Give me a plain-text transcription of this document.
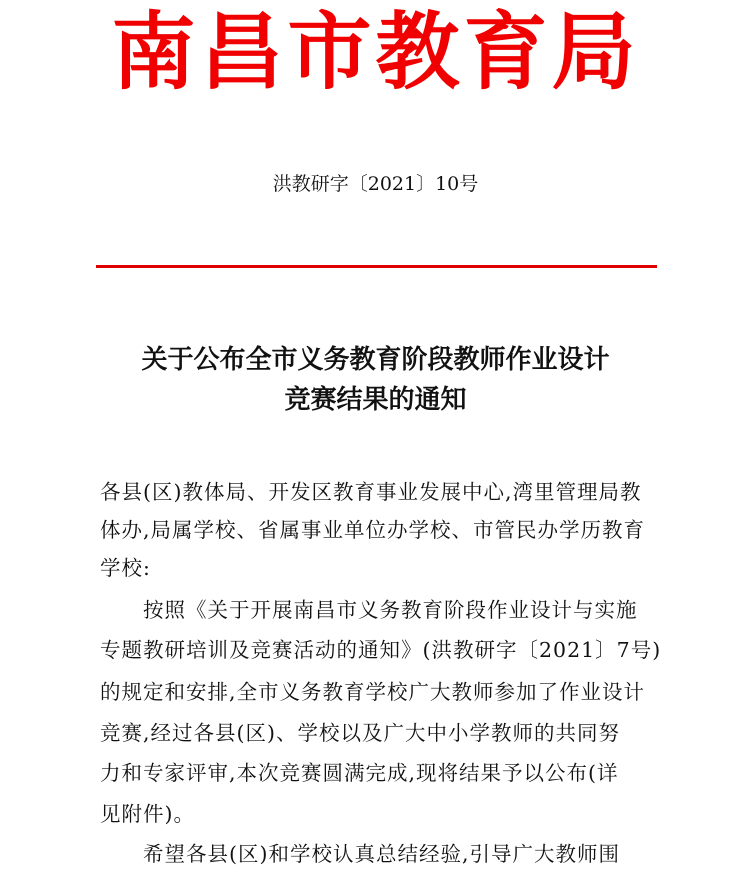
南昌市教育局
洪教研字〔2021〕10号
关于公布全市义务教育阶段教师作业设计
竞赛结果的通知
各县(区)教体局、开发区教育事业发展中心,湾里管理局教
体办,局属学校、省属事业单位办学校、市管民办学历教育
学校:
　　按照《关于开展南昌市义务教育阶段作业设计与实施
专题教研培训及竞赛活动的通知》(洪教研字〔2021〕7号)
的规定和安排,全市义务教育学校广大教师参加了作业设计
竞赛,经过各县(区)、学校以及广大中小学教师的共同努
力和专家评审,本次竞赛圆满完成,现将结果予以公布(详
见附件)。
　　希望各县(区)和学校认真总结经验,引导广大教师围
